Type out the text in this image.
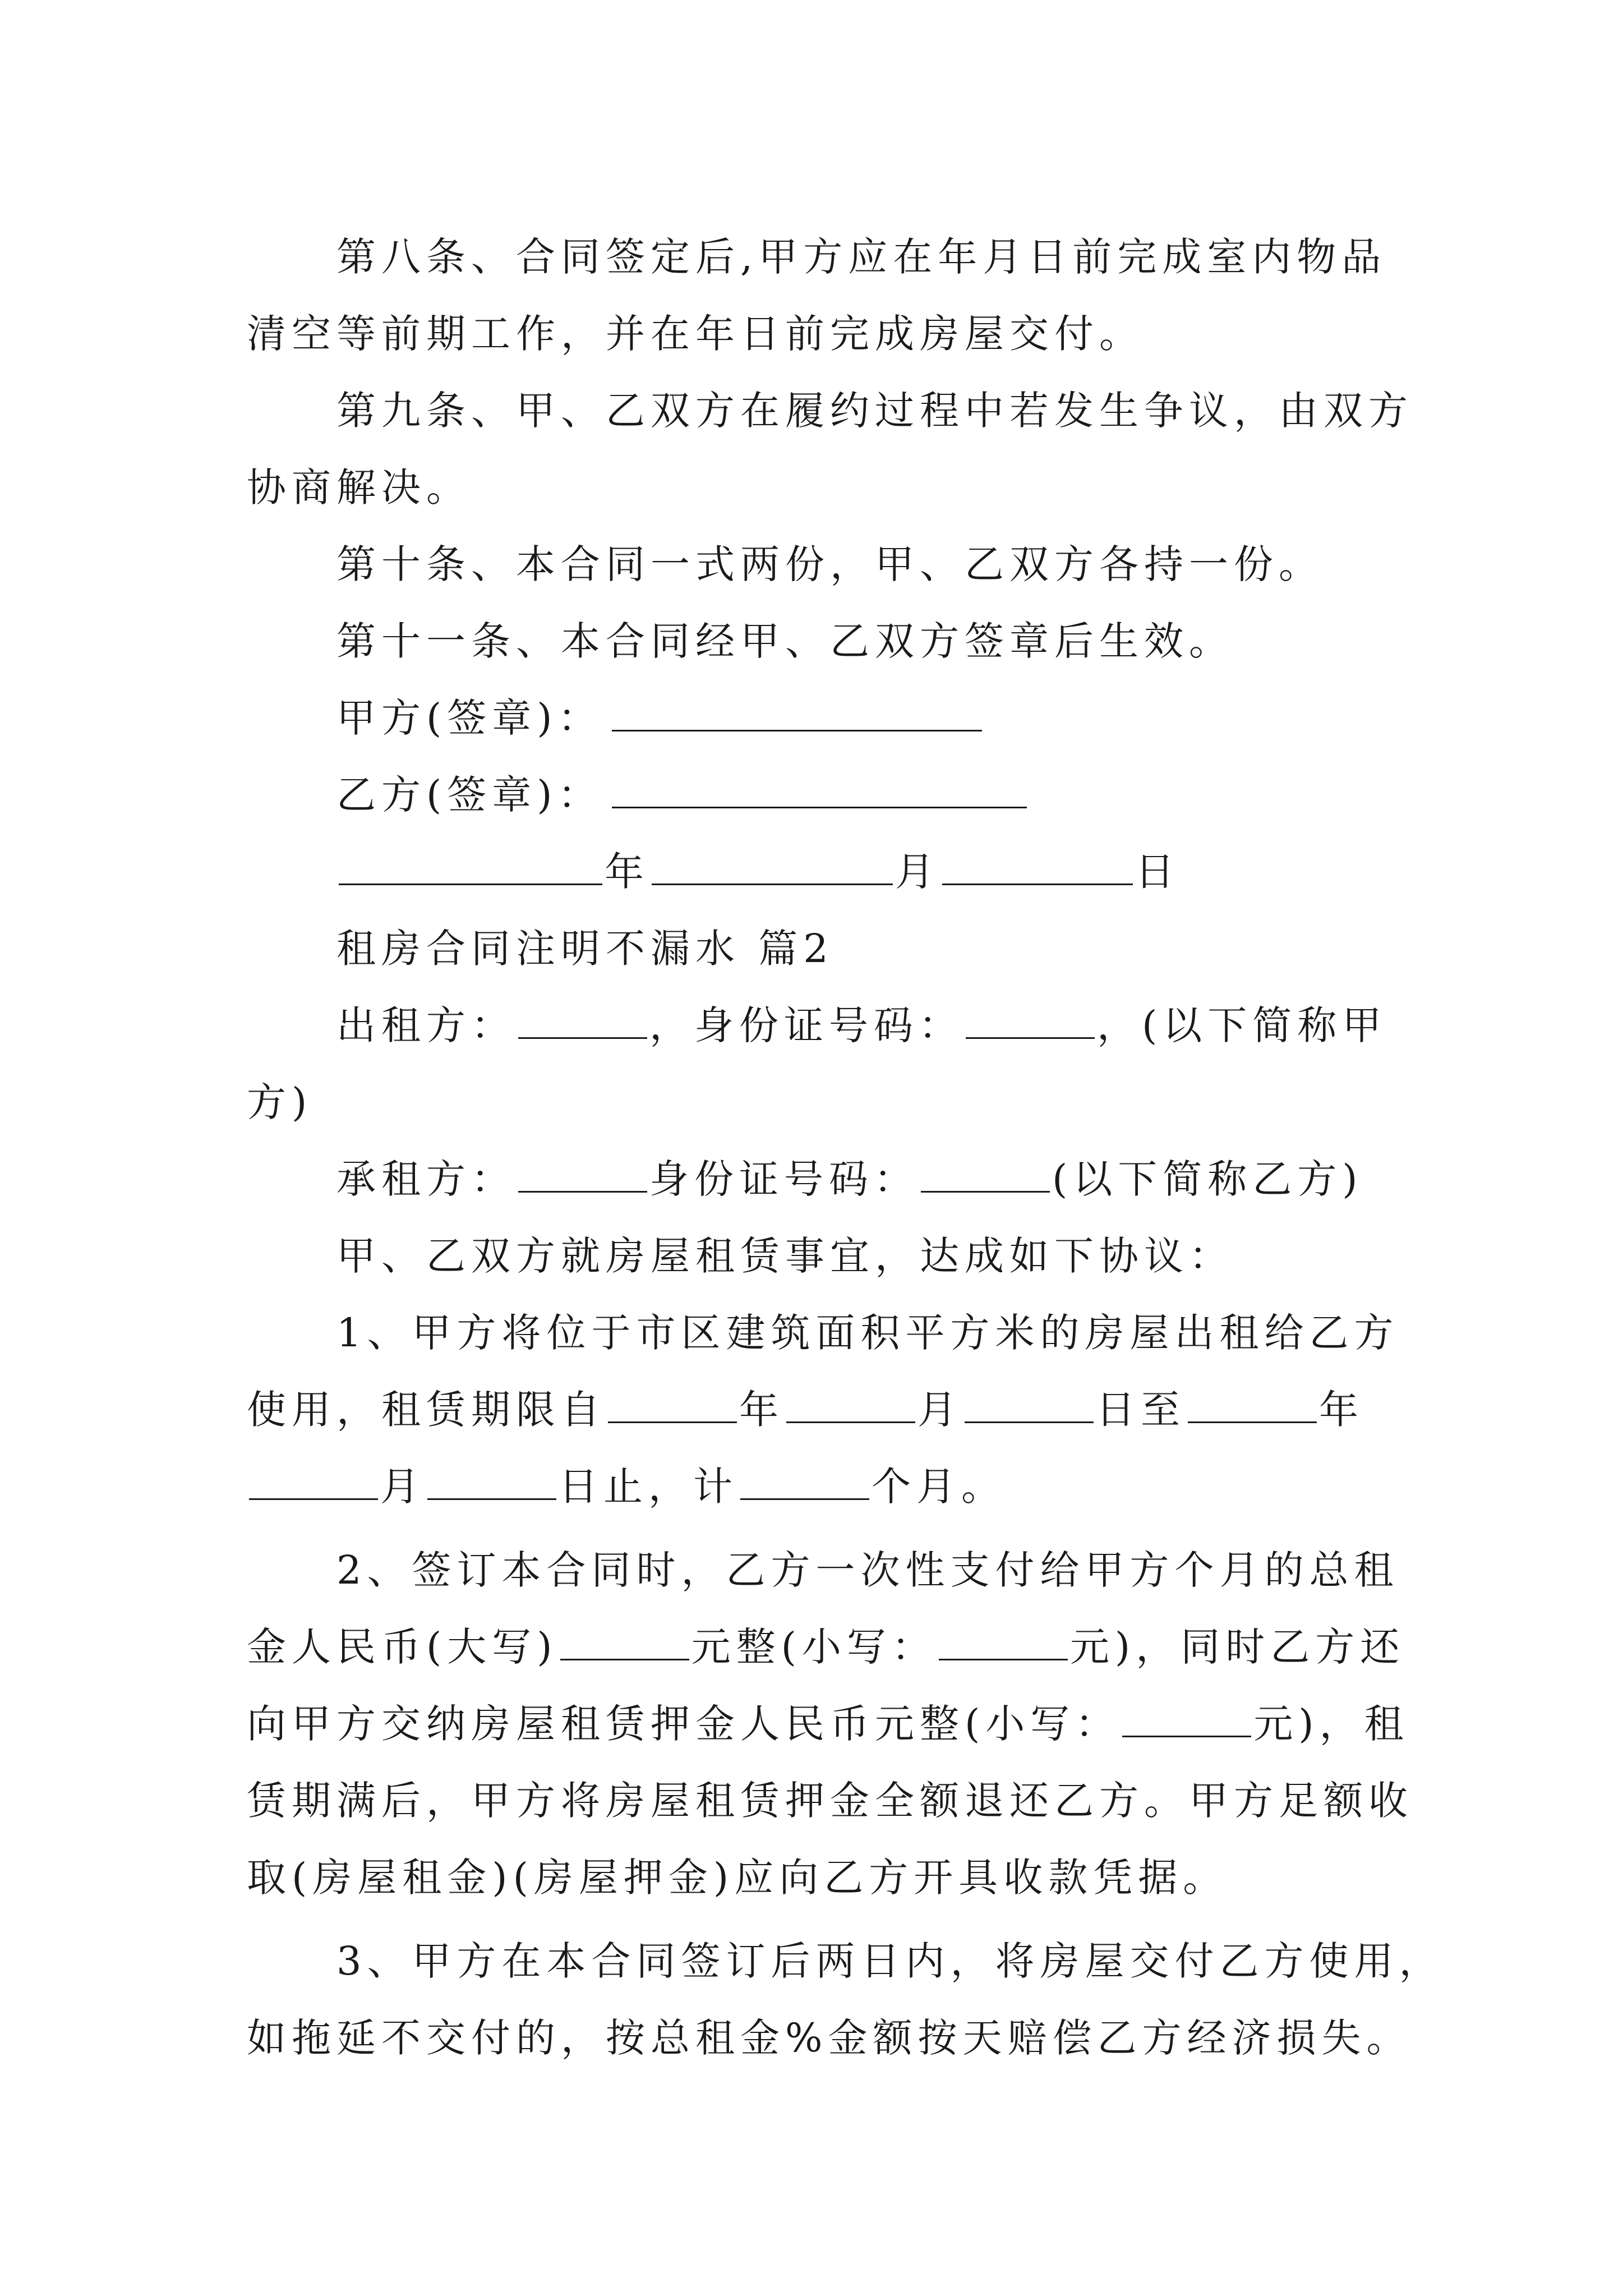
第八条、合同签定后,甲方应在年月日前完成室内物品

清空等前期工作，并在年日前完成房屋交付。

第九条、甲、乙双方在履约过程中若发生争议，由双方

协商解决。

第十条、本合同一式两份，甲、乙双方各持一份。

第十一条、本合同经甲、乙双方签章后生效。

甲方(签章)：

乙方(签章)：

年	月	日

租房合同注明不漏水 篇2

出租方：	，身份证号码：	，(以下简称甲

方)

承租方：	身份证号码：	(以下简称乙方)

甲、乙双方就房屋租赁事宜，达成如下协议：

1、甲方将位于市区建筑面积平方米的房屋出租给乙方

使用，租赁期限自	年	月	日至	年

月	日止，计	个月。

2、签订本合同时，乙方一次性支付给甲方个月的总租

金人民币(大写)	元整(小写：	元)，同时乙方还

向甲方交纳房屋租赁押金人民币元整(小写：	元)，租

赁期满后，甲方将房屋租赁押金全额退还乙方。甲方足额收

取(房屋租金)(房屋押金)应向乙方开具收款凭据。

3、甲方在本合同签订后两日内，将房屋交付乙方使用，

如拖延不交付的，按总租金%金额按天赔偿乙方经济损失。
